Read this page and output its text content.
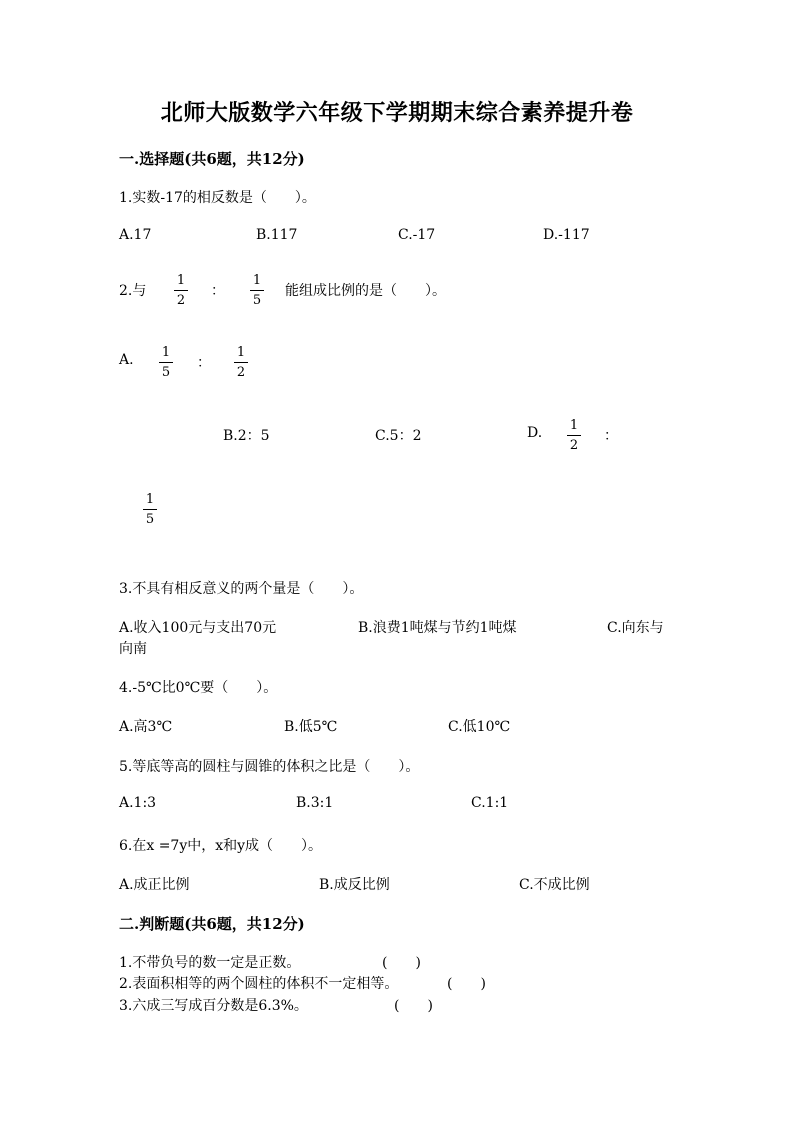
北师大版数学六年级下学期期末综合素养提升卷
一.选择题(共6题，共12分)
1.实数-17的相反数是（　　）。
A.17	B.117	C.-17	D.-117
2.与
1
2
：
1
5
能组成比例的是（　　）。
A. 1
5
：
1
2
B.2：5	C.5：2	D. 1
2
：
1
5
3.不具有相反意义的两个量是（　　）。
A.收入100元与支出70元	B.浪费1吨煤与节约1吨煤	C.向东与
向南
4.-5℃比0℃要（　　）。
A.高3℃	B.低5℃	C.低10℃
5.等底等高的圆柱与圆锥的体积之比是（　　）。
A.1:3	B.3:1	C.1:1
6.在x =7y中，x和y成（　　）。
A.成正比例	B.成反比例	C.不成比例
二.判断题(共6题，共12分)
1.不带负号的数一定是正数。	(　　)
2.表面积相等的两个圆柱的体积不一定相等。	(　　)
3.六成三写成百分数是6.3%。	(　　)
